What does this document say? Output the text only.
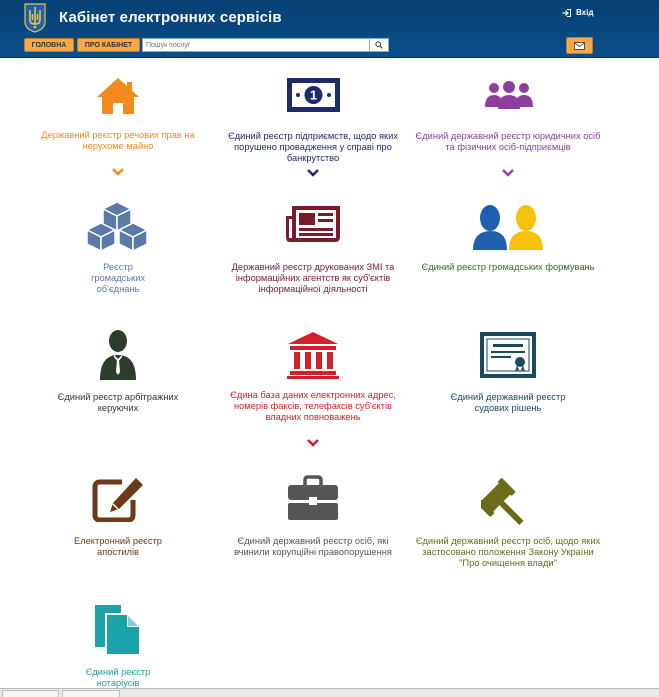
Кабінет електронних сервісів	Вхід
ГОЛОВНА	ПРО КАБІНЕТ
Пошук послуг
Державний реєстр речових прав на нерухоме майно
1
Єдиний реєстр підприємств, щодо яких порушено провадження у справі про банкрутство
Єдиний державний реєстр юридичних осіб та фізичних осіб-підприємців
Реєстр громадських об'єднань
Державний реєстр друкованих ЗМІ та інформаційних агентств як суб'єктів інформаційної діяльності
Єдиний реєстр громадських формувань
Єдиний реєстр арбітражних керуючих
Єдина база даних електронних адрес, номерів факсів, телефаксів суб'єктів владних повноважень
Єдиний державний реєстр судових рішень
Електронний реєстр апостилів
Єдиний державний реєстр осіб, які вчинили корупційні правопорушення
Єдиний державний реєстр осіб, щодо яких застосовано положення Закону України "Про очищення влади"
Єдиний реєстр нотаріусів
